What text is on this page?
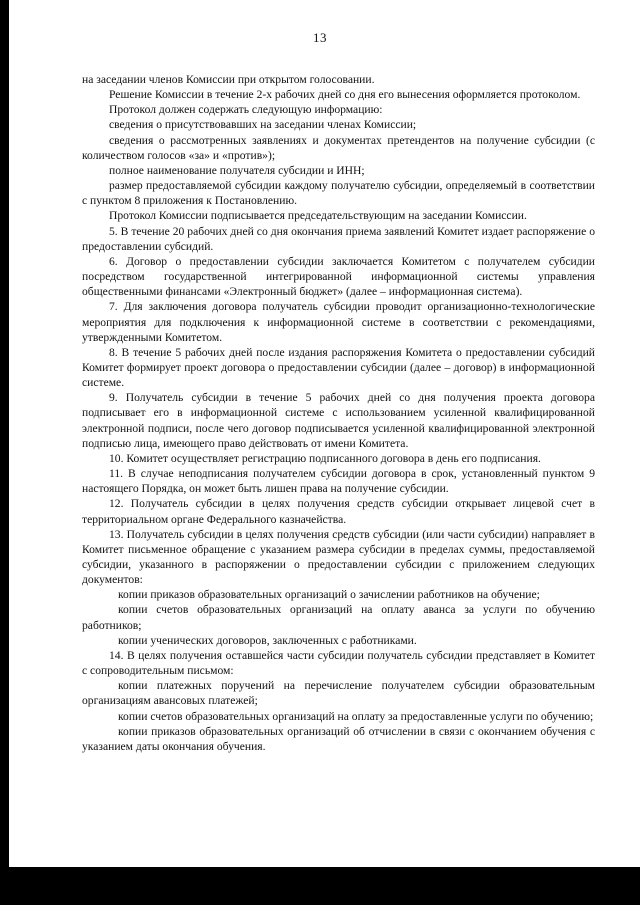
13

на заседании членов Комиссии при открытом голосовании.

Решение Комиссии в течение 2-х рабочих дней со дня его вынесения оформляется протоколом.

Протокол должен содержать следующую информацию:

сведения о присутствовавших на заседании членах Комиссии;

сведения о рассмотренных заявлениях и документах претендентов на получение субсидии (с количеством голосов «за» и «против»);

полное наименование получателя субсидии и ИНН;

размер предоставляемой субсидии каждому получателю субсидии, определяемый в соответствии с пунктом 8 приложения к Постановлению.

Протокол Комиссии подписывается председательствующим на заседании Комиссии.

5. В течение 20 рабочих дней со дня окончания приема заявлений Комитет издает распоряжение о предоставлении субсидий.

6. Договор о предоставлении субсидии заключается Комитетом с получателем субсидии посредством государственной интегрированной информационной системы управления общественными финансами «Электронный бюджет» (далее – информационная система).

7. Для заключения договора получатель субсидии проводит организационно-технологические мероприятия для подключения к информационной системе в соответствии с рекомендациями, утвержденными Комитетом.

8. В течение 5 рабочих дней после издания распоряжения Комитета о предоставлении субсидий Комитет формирует проект договора о предоставлении субсидии (далее – договор) в информационной системе.

9. Получатель субсидии в течение 5 рабочих дней со дня получения проекта договора подписывает его в информационной системе с использованием усиленной квалифицированной электронной подписи, после чего договор подписывается усиленной квалифицированной электронной подписью лица, имеющего право действовать от имени Комитета.

10. Комитет осуществляет регистрацию подписанного договора в день его подписания.

11. В случае неподписания получателем субсидии договора в срок, установленный пунктом 9 настоящего Порядка, он может быть лишен права на получение субсидии.

12. Получатель субсидии в целях получения средств субсидии открывает лицевой счет в территориальном органе Федерального казначейства.

13. Получатель субсидии в целях получения средств субсидии (или части субсидии) направляет в Комитет письменное обращение с указанием размера субсидии в пределах суммы, предоставляемой субсидии, указанного в распоряжении о предоставлении субсидии с приложением следующих документов:

копии приказов образовательных организаций о зачислении работников на обучение;

копии счетов образовательных организаций на оплату аванса за услуги по обучению работников;

копии ученических договоров, заключенных с работниками.

14. В целях получения оставшейся части субсидии получатель субсидии представляет в Комитет с сопроводительным письмом:

копии платежных поручений на перечисление получателем субсидии образовательным организациям авансовых платежей;

копии счетов образовательных организаций на оплату за предоставленные услуги по обучению;

копии приказов образовательных организаций об отчислении в связи с окончанием обучения с указанием даты окончания обучения.
